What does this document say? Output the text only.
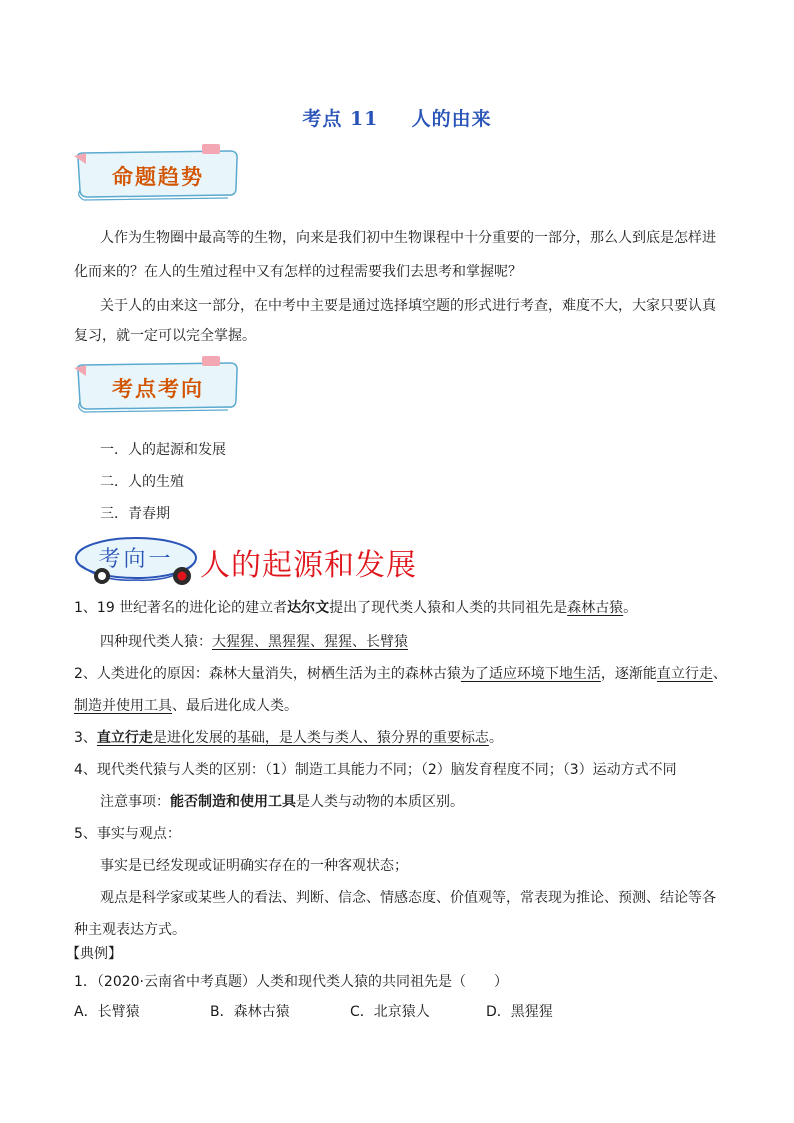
考点 11 人的由来
命题趋势
人作为生物圈中最高等的生物，向来是我们初中生物课程中十分重要的一部分，那么人到底是怎样进
化而来的？在人的生殖过程中又有怎样的过程需要我们去思考和掌握呢？
关于人的由来这一部分，在中考中主要是通过选择填空题的形式进行考查，难度不大，大家只要认真
复习，就一定可以完全掌握。
考点考向
一．人的起源和发展
二．人的生殖
三．青春期
考向一 人的起源和发展
1、19 世纪著名的进化论的建立者达尔文提出了现代类人猿和人类的共同祖先是森林古猿。
四种现代类人猿：大猩猩、黑猩猩、猩猩、长臂猿
2、人类进化的原因：森林大量消失，树栖生活为主的森林古猿为了适应环境下地生活，逐渐能直立行走、
制造并使用工具、最后进化成人类。
3、直立行走是进化发展的基础，是人类与类人、猿分界的重要标志。
4、现代类代猿与人类的区别：（1）制造工具能力不同；（2）脑发育程度不同；（3）运动方式不同
注意事项：能否制造和使用工具是人类与动物的本质区别。
5、事实与观点：
事实是已经发现或证明确实存在的一种客观状态；
观点是科学家或某些人的看法、判断、信念、情感态度、价值观等，常表现为推论、预测、结论等各
种主观表达方式。
【典例】
1．（2020·云南省中考真题）人类和现代类人猿的共同祖先是（　　）
A．长臂猿	B．森林古猿	C．北京猿人	D．黑猩猩
